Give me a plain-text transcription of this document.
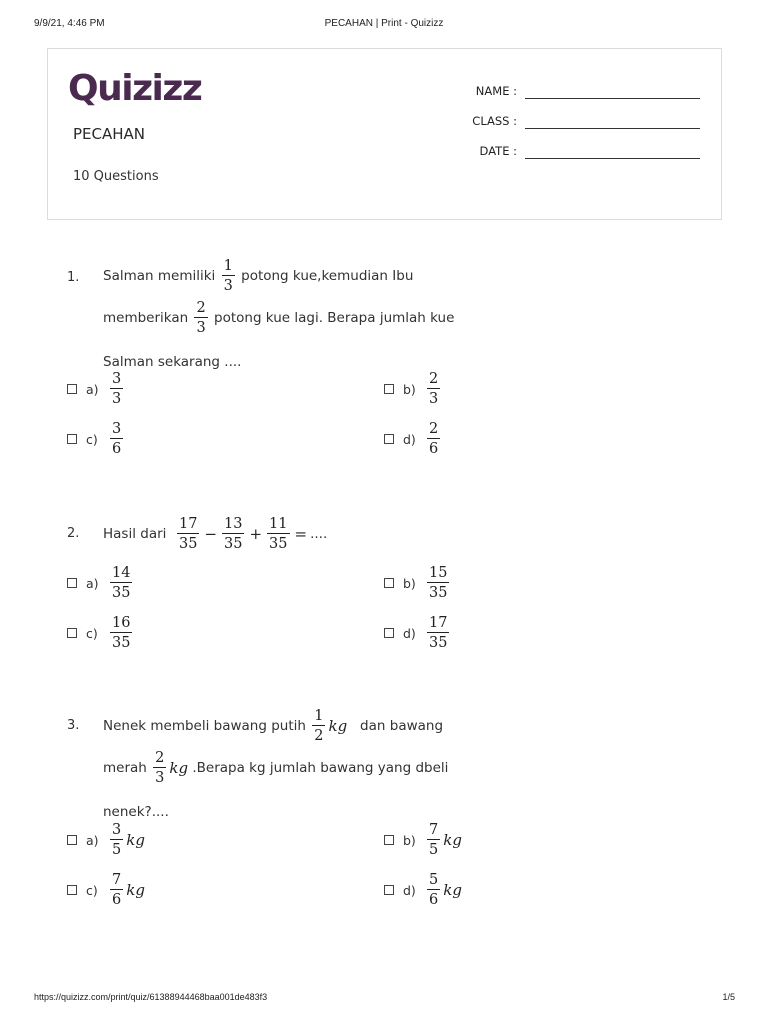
9/9/21, 4:46 PM	PECAHAN | Print - Quizizz
Quizizz
PECAHAN
10 Questions
NAME :
CLASS :
DATE :
1. Salman memiliki $\frac{1}{3}$ potong kue,kemudian Ibu
memberikan $\frac{2}{3}$ potong kue lagi. Berapa jumlah kue
Salman sekarang ....
$a) \frac{3}{3}$	$b) \frac{2}{3}$
$c) \frac{3}{6}$	$d) \frac{2}{6}$
2. Hasil dari $\frac{17}{35} - \frac{13}{35} + \frac{11}{35}$ = ....
$a) \frac{14}{35}$	$b) \frac{15}{35}$
$c) \frac{16}{35}$	$d) \frac{17}{35}$
3. Nenek membeli bawang putih $\frac{1}{2}$ kg dan bawang
merah $\frac{2}{3}$ kg .Berapa kg jumlah bawang yang dbeli
nenek?....
$a) \frac{3}{5}$ kg	$b) \frac{7}{5}$ kg
$c) \frac{7}{6}$ kg	$d) \frac{5}{6}$ kg
https://quizizz.com/print/quiz/61388944468baa001de483f3	1/5
